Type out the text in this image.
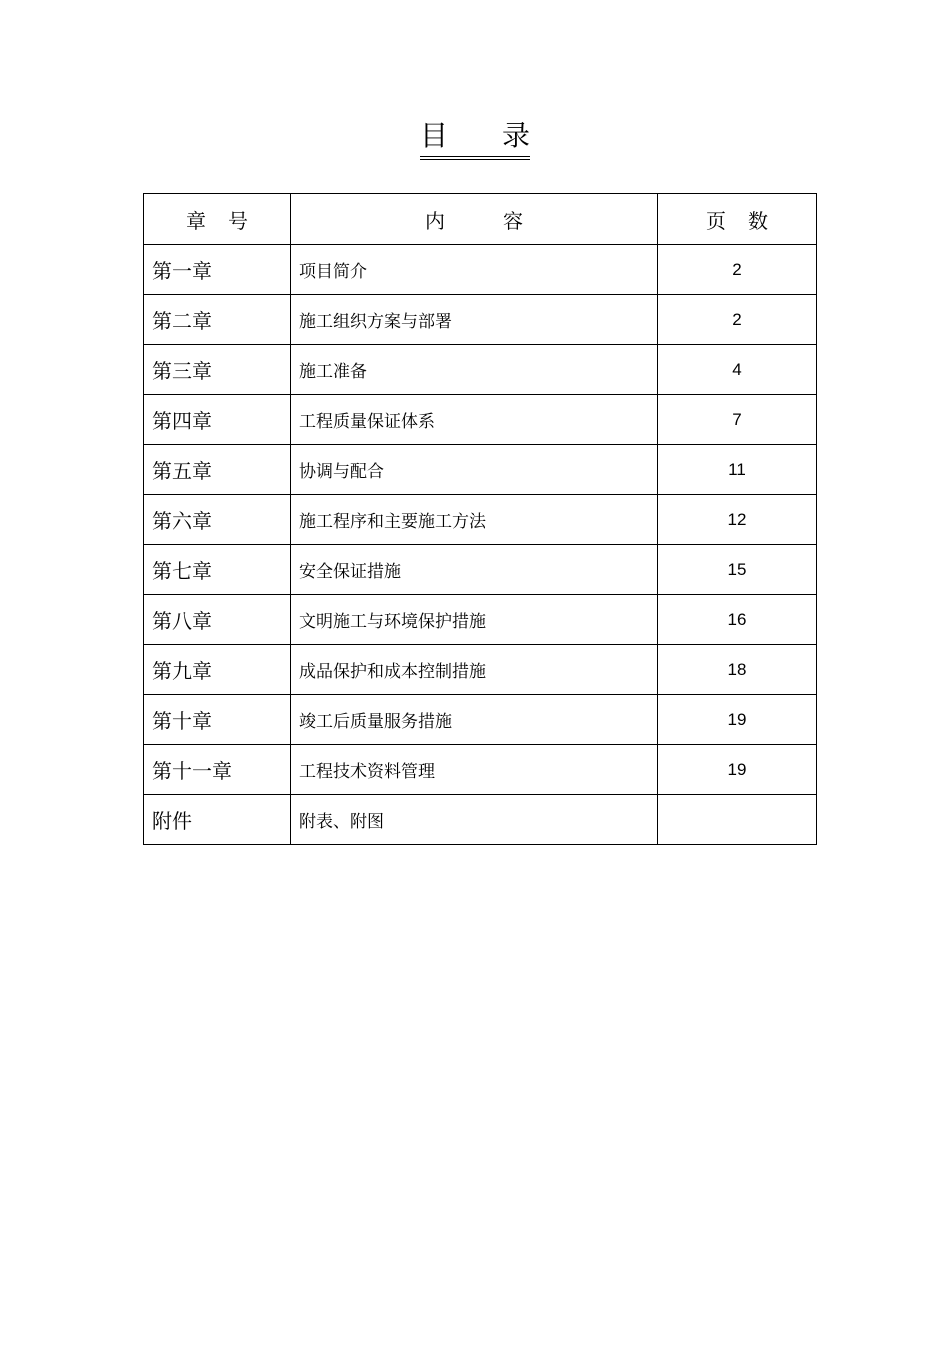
目 录
章 号	内 容	页 数
第一章	项目简介	2
第二章	施工组织方案与部署	2
第三章	施工准备	4
第四章	工程质量保证体系	7
第五章	协调与配合	11
第六章	施工程序和主要施工方法	12
第七章	安全保证措施	15
第八章	文明施工与环境保护措施	16
第九章	成品保护和成本控制措施	18
第十章	竣工后质量服务措施	19
第十一章	工程技术资料管理	19
附件	附表、附图	
